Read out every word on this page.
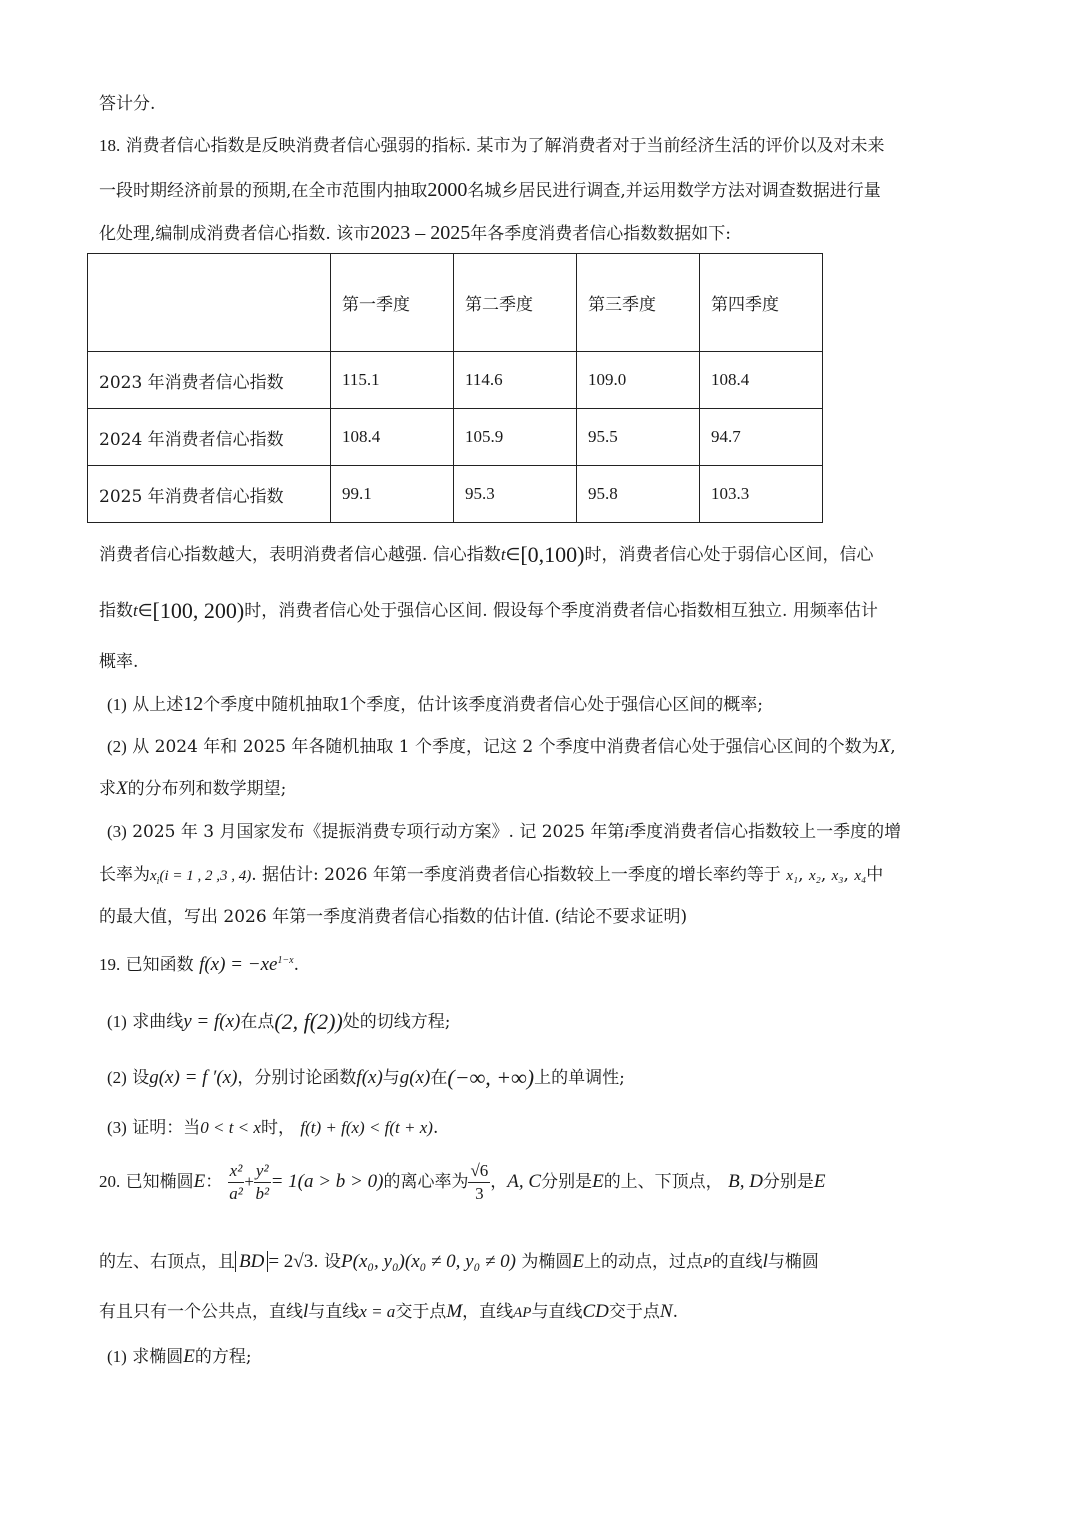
答计分.
18. 消费者信心指数是反映消费者信心强弱的指标. 某市为了解消费者对于当前经济生活的评价以及对未来
一段时期经济前景的预期,在全市范围内抽取2000名城乡居民进行调查,并运用数学方法对调查数据进行量
化处理,编制成消费者信心指数. 该市2023 – 2025年各季度消费者信心指数数据如下:
	第一季度	第二季度	第三季度	第四季度
2023 年消费者信心指数	115.1	114.6	109.0	108.4
2024 年消费者信心指数	108.4	105.9	95.5	94.7
2025 年消费者信心指数	99.1	95.3	95.8	103.3
消费者信心指数越大，表明消费者信心越强. 信心指数t∈[0,100)时，消费者信心处于弱信心区间，信心
指数t∈[100, 200)时，消费者信心处于强信心区间. 假设每个季度消费者信心指数相互独立. 用频率估计
概率.
(1) 从上述12个季度中随机抽取1个季度，估计该季度消费者信心处于强信心区间的概率;
(2) 从 2024 年和 2025 年各随机抽取 1 个季度，记这 2 个季度中消费者信心处于强信心区间的个数为X,
求X的分布列和数学期望;
(3) 2025 年 3 月国家发布《提振消费专项行动方案》. 记 2025 年第i季度消费者信心指数较上一季度的增
长率为$x_i(i = 1$ , 2 ,3 , 4). 据估计: 2026 年第一季度消费者信心指数较上一季度的增长率约等于 x₁, x₂, x₃, x₄中
的最大值，写出 2026 年第一季度消费者信心指数的估计值. (结论不要求证明)
19. 已知函数 $f(x) = -xe^{1-x}$.
(1) 求曲线y = f(x)在点(2, f(2))处的切线方程;
(2) 设g(x) = f ′(x)，分别讨论函数f(x)与g(x)在(−∞, +∞)上的单调性;
(3) 证明：当0 < t < x时， f(t) + f(x) < f(t + x).
20. 已知椭圆E： $\frac{\text{x²}}{\text{a²}} + \frac{\text{y²}}{\text{b²}} = 1(a > b > 0)$的离心率为 $\frac{√6}{3}$ ，A, C分别是E的上、下顶点， B, D分别是E
的左、右顶点，且 BD = 2√3. 设P(x₀, y₀)(x₀ ≠ 0, y₀ ≠ 0) 为椭圆E上的动点，过点P的直线l与椭圆
有且只有一个公共点，直线l与直线x = a交于点M，直线AP与直线CD交于点N.
(1) 求椭圆E的方程;
